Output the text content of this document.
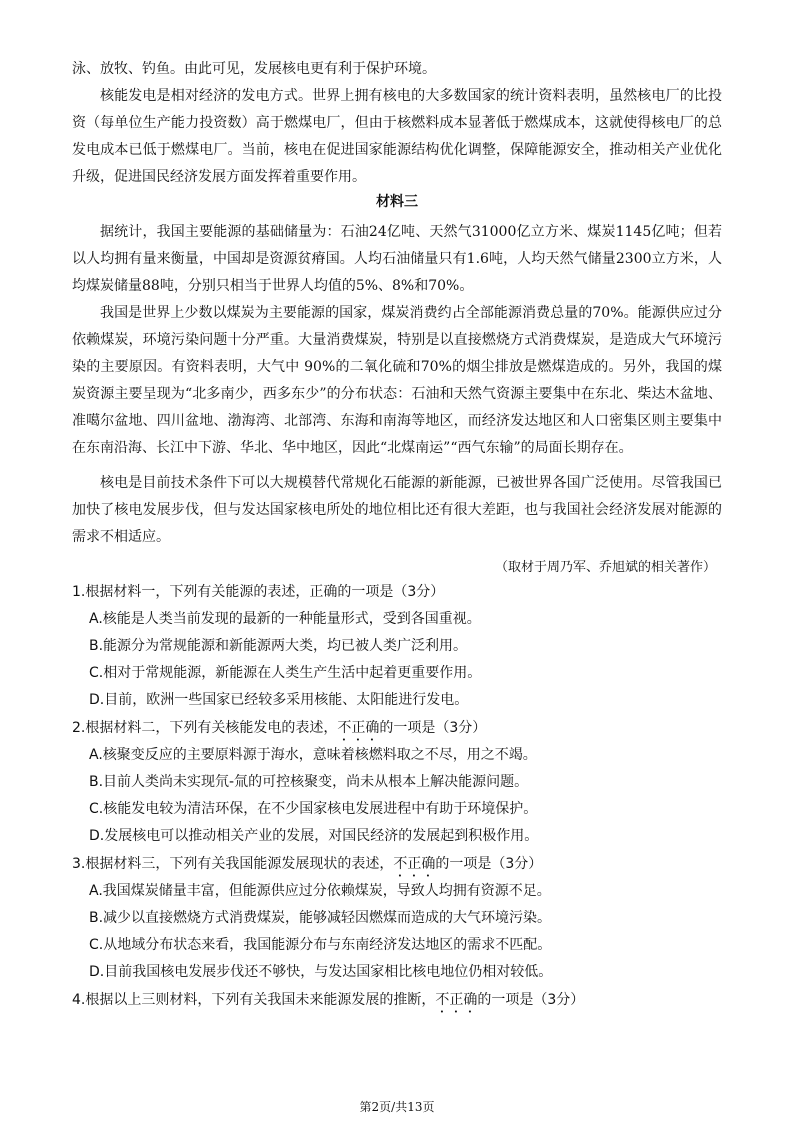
泳、放牧、钓鱼。由此可见，发展核电更有利于保护环境。

核能发电是相对经济的发电方式。世界上拥有核电的大多数国家的统计资料表明，虽然核电厂的比投资（每单位生产能力投资数）高于燃煤电厂，但由于核燃料成本显著低于燃煤成本，这就使得核电厂的总发电成本已低于燃煤电厂。当前，核电在促进国家能源结构优化调整，保障能源安全，推动相关产业优化升级，促进国民经济发展方面发挥着重要作用。

材料三

据统计，我国主要能源的基础储量为：石油24亿吨、天然气31000亿立方米、煤炭1145亿吨；但若以人均拥有量来衡量，中国却是资源贫瘠国。人均石油储量只有1.6吨，人均天然气储量2300立方米，人均煤炭储量88吨，分别只相当于世界人均值的5%、8%和70%。

我国是世界上少数以煤炭为主要能源的国家，煤炭消费约占全部能源消费总量的70%。能源供应过分依赖煤炭，环境污染问题十分严重。大量消费煤炭，特别是以直接燃烧方式消费煤炭，是造成大气环境污染的主要原因。有资料表明，大气中 90%的二氧化硫和70%的烟尘排放是燃煤造成的。另外，我国的煤炭资源主要呈现为“北多南少，西多东少”的分布状态：石油和天然气资源主要集中在东北、柴达木盆地、准噶尔盆地、四川盆地、渤海湾、北部湾、东海和南海等地区，而经济发达地区和人口密集区则主要集中在东南沿海、长江中下游、华北、华中地区，因此“北煤南运”“西气东输”的局面长期存在。

核电是目前技术条件下可以大规模替代常规化石能源的新能源，已被世界各国广泛使用。尽管我国已加快了核电发展步伐，但与发达国家核电所处的地位相比还有很大差距，也与我国社会经济发展对能源的需求不相适应。

（取材于周乃军、乔旭斌的相关著作）
1.根据材料一，下列有关能源的表述，正确的一项是（3分）
A.核能是人类当前发现的最新的一种能量形式，受到各国重视。
B.能源分为常规能源和新能源两大类，均已被人类广泛利用。
C.相对于常规能源，新能源在人类生产生活中起着更重要作用。
D.目前，欧洲一些国家已经较多采用核能、太阳能进行发电。
2.根据材料二，下列有关核能发电的表述，不正确的一项是（3分）
A.核聚变反应的主要原料源于海水，意味着核燃料取之不尽，用之不竭。
B.目前人类尚未实现氘-氚的可控核聚变，尚未从根本上解决能源问题。
C.核能发电较为清洁环保，在不少国家核电发展进程中有助于环境保护。
D.发展核电可以推动相关产业的发展，对国民经济的发展起到积极作用。
3.根据材料三，下列有关我国能源发展现状的表述，不正确的一项是（3分）
A.我国煤炭储量丰富，但能源供应过分依赖煤炭，导致人均拥有资源不足。
B.减少以直接燃烧方式消费煤炭，能够减轻因燃煤而造成的大气环境污染。
C.从地域分布状态来看，我国能源分布与东南经济发达地区的需求不匹配。
D.目前我国核电发展步伐还不够快，与发达国家相比核电地位仍相对较低。
4.根据以上三则材料，下列有关我国未来能源发展的推断，不正确的一项是（3分）
第2页/共13页
